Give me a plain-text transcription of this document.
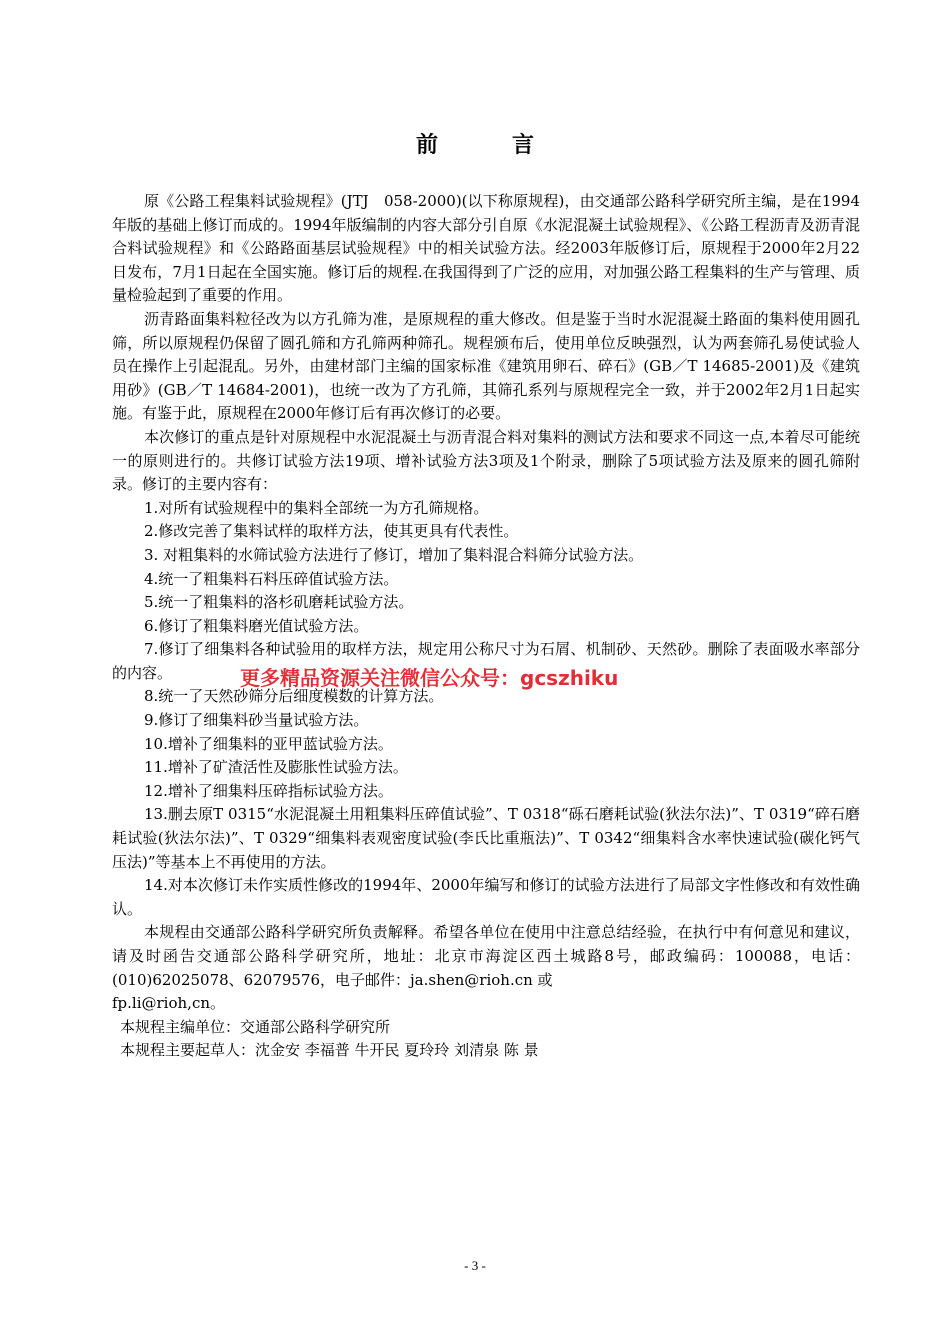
前　言

原《公路工程集料试验规程》(JTJ　058-2000)(以下称原规程)，由交通部公路科学研究所主编，是在1994年版的基础上修订而成的。1994年版编制的内容大部分引自原《水泥混凝土试验规程》、《公路工程沥青及沥青混合料试验规程》和《公路路面基层试验规程》中的相关试验方法。经2003年版修订后，原规程于2000年2月22日发布，7月1日起在全国实施。修订后的规程.在我国得到了广泛的应用，对加强公路工程集料的生产与管理、质量检验起到了重要的作用。

沥青路面集料粒径改为以方孔筛为准，是原规程的重大修改。但是鉴于当时水泥混凝土路面的集料使用圆孔筛，所以原规程仍保留了圆孔筛和方孔筛两种筛孔。规程颁布后，使用单位反映强烈，认为两套筛孔易使试验人员在操作上引起混乱。另外，由建材部门主编的国家标准《建筑用卵石、碎石》(GB／T 14685-2001)及《建筑用砂》(GB／T 14684-2001)，也统一改为了方孔筛，其筛孔系列与原规程完全一致，并于2002年2月1日起实施。有鉴于此，原规程在2000年修订后有再次修订的必要。

本次修订的重点是针对原规程中水泥混凝土与沥青混合料对集料的测试方法和要求不同这一点,本着尽可能统一的原则进行的。共修订试验方法19项、增补试验方法3项及1个附录，删除了5项试验方法及原来的圆孔筛附录。修订的主要内容有：

1.对所有试验规程中的集料全部统一为方孔筛规格。

2.修改完善了集料试样的取样方法，使其更具有代表性。

3. 对粗集料的水筛试验方法进行了修订，增加了集料混合料筛分试验方法。

4.统一了粗集料石料压碎值试验方法。

5.统一了粗集料的洛杉矶磨耗试验方法。

6.修订了粗集料磨光值试验方法。

7.修订了细集料各种试验用的取样方法，规定用公称尺寸为石屑、机制砂、天然砂。删除了表面吸水率部分的内容。

8.统一了天然砂筛分后细度模数的计算方法。

9.修订了细集料砂当量试验方法。

10.增补了细集料的亚甲蓝试验方法。

11.增补了矿渣活性及膨胀性试验方法。

12.增补了细集料压碎指标试验方法。

13.删去原T 0315“水泥混凝土用粗集料压碎值试验”、T 0318“砾石磨耗试验(狄法尔法)”、T 0319“碎石磨耗试验(狄法尔法)”、T 0329“细集料表观密度试验(李氏比重瓶法)”、T 0342“细集料含水率快速试验(碳化钙气压法)”等基本上不再使用的方法。

14.对本次修订未作实质性修改的1994年、2000年编写和修订的试验方法进行了局部文字性修改和有效性确认。

本规程由交通部公路科学研究所负责解释。希望各单位在使用中注意总结经验，在执行中有何意见和建议，请及时函告交通部公路科学研究所，地址：北京市海淀区西土城路8号，邮政编码：100088，电话：(010)62025078、62079576，电子邮件：ja.shen@rioh.cn 或

fp.li@rioh,cn。

本规程主编单位：交通部公路科学研究所

本规程主要起草人：沈金安 李福普 牛开民 夏玲玲 刘清泉 陈 景

更多精品资源关注微信公众号：gcszhiku
- 3 -
